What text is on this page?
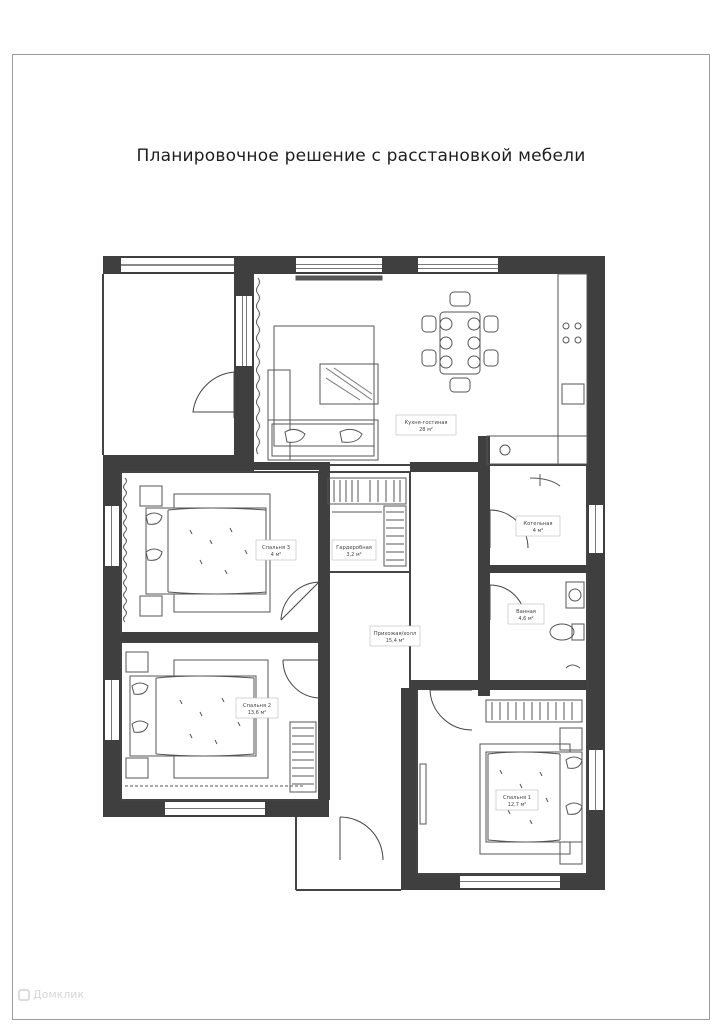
Планировочное решение с расстановкой мебели
Кухня-гостиная
28 м²
Спальня 3
4 м²
Гардеробная
3,2 м²
Котельная
4 м²
Ванная
4,6 м²
Прихожая/холл
15,4 м²
Спальня 2
13,6 м²
Спальня 1
12,7 м²
Домклик
